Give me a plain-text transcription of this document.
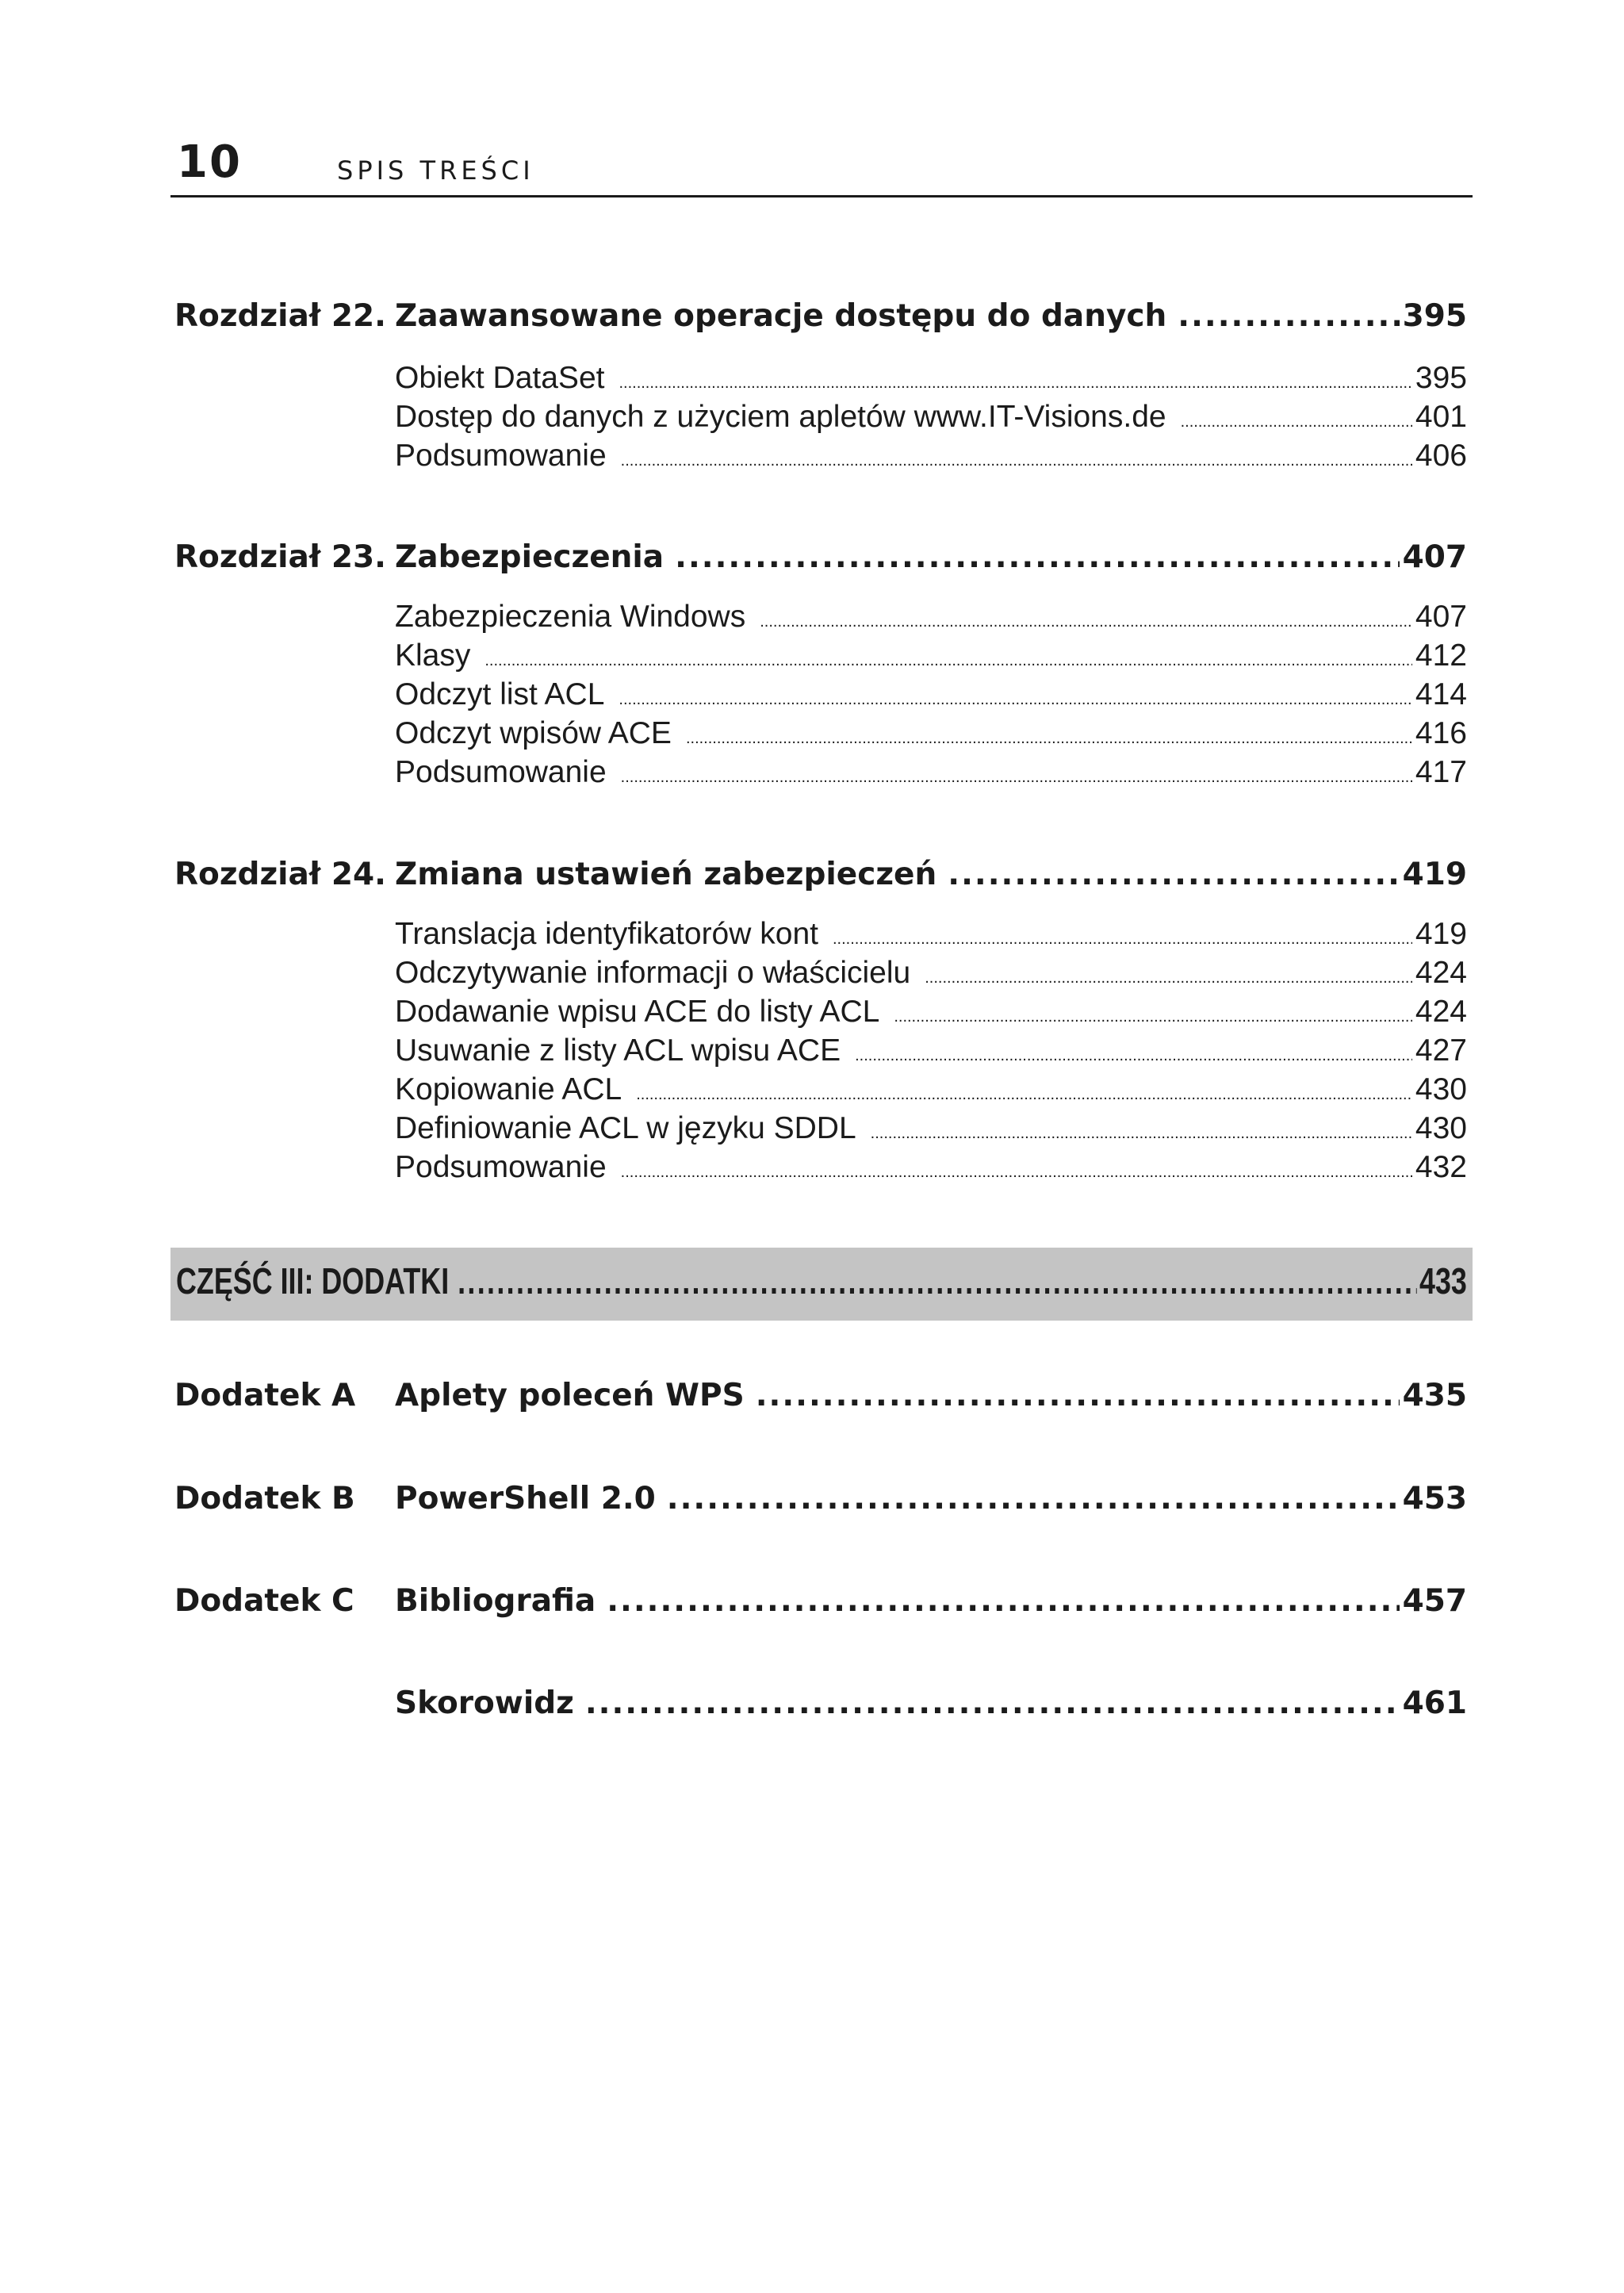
10	SPIS TREŚCI
Rozdział 22. Zaawansowane operacje dostępu do danych .....	395
Obiekt DataSet .....	395
Dostęp do danych z użyciem apletów www.IT-Visions.de .....	401
Podsumowanie .....	406
Rozdział 23. Zabezpieczenia .....	407
Zabezpieczenia Windows .....	407
Klasy .....	412
Odczyt list ACL .....	414
Odczyt wpisów ACE .....	416
Podsumowanie .....	417
Rozdział 24. Zmiana ustawień zabezpieczeń .....	419
Translacja identyfikatorów kont .....	419
Odczytywanie informacji o właścicielu .....	424
Dodawanie wpisu ACE do listy ACL .....	424
Usuwanie z listy ACL wpisu ACE .....	427
Kopiowanie ACL .....	430
Definiowanie ACL w języku SDDL .....	430
Podsumowanie .....	432
CZĘŚĆ III: DODATKI .....	433
Dodatek A	Aplety poleceń WPS .....	435
Dodatek B	PowerShell 2.0 .....	453
Dodatek C	Bibliografia .....	457
Skorowidz .....	461
